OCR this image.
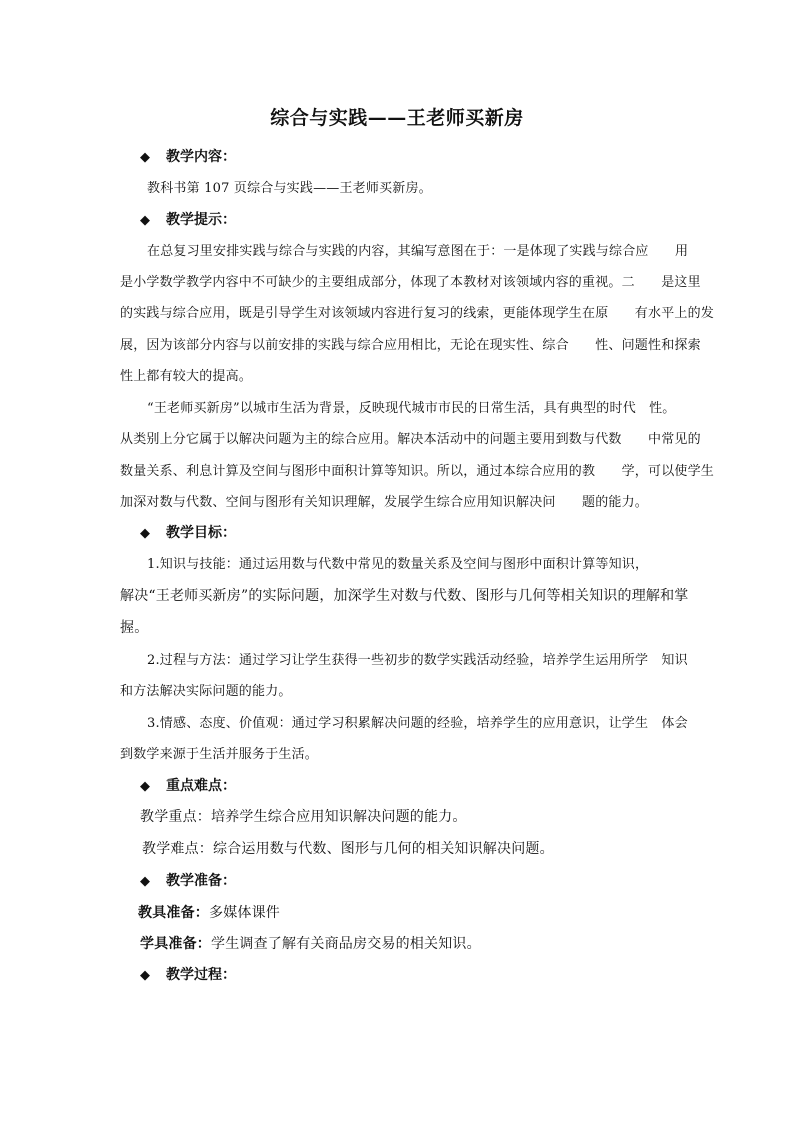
综合与实践——王老师买新房
◆ 教学内容：
教科书第 107 页综合与实践——王老师买新房。
◆ 教学提示：
在总复习里安排实践与综合与实践的内容，其编写意图在于：一是体现了实践与综合应　　用
是小学数学教学内容中不可缺少的主要组成部分，体现了本教材对该领域内容的重视。二　　是这里
的实践与综合应用，既是引导学生对该领域内容进行复习的线索，更能体现学生在原　　有水平上的发
展，因为该部分内容与以前安排的实践与综合应用相比，无论在现实性、综合　　性、问题性和探索
性上都有较大的提高。
“王老师买新房”以城市生活为背景，反映现代城市市民的日常生活，具有典型的时代　性。
从类别上分它属于以解决问题为主的综合应用。解决本活动中的问题主要用到数与代数　　中常见的
数量关系、利息计算及空间与图形中面积计算等知识。所以，通过本综合应用的教　　学，可以使学生
加深对数与代数、空间与图形有关知识理解，发展学生综合应用知识解决问　　题的能力。
◆ 教学目标：
1.知识与技能：通过运用数与代数中常见的数量关系及空间与图形中面积计算等知识，
解决“王老师买新房”的实际问题，加深学生对数与代数、图形与几何等相关知识的理解和掌
握。
2.过程与方法：通过学习让学生获得一些初步的数学实践活动经验，培养学生运用所学　知识
和方法解决实际问题的能力。
3.情感、态度、价值观：通过学习积累解决问题的经验，培养学生的应用意识，让学生　体会
到数学来源于生活并服务于生活。
◆ 重点难点：
教学重点：培养学生综合应用知识解决问题的能力。
教学难点：综合运用数与代数、图形与几何的相关知识解决问题。
◆ 教学准备：
教具准备：多媒体课件
学具准备：学生调查了解有关商品房交易的相关知识。
◆ 教学过程：
